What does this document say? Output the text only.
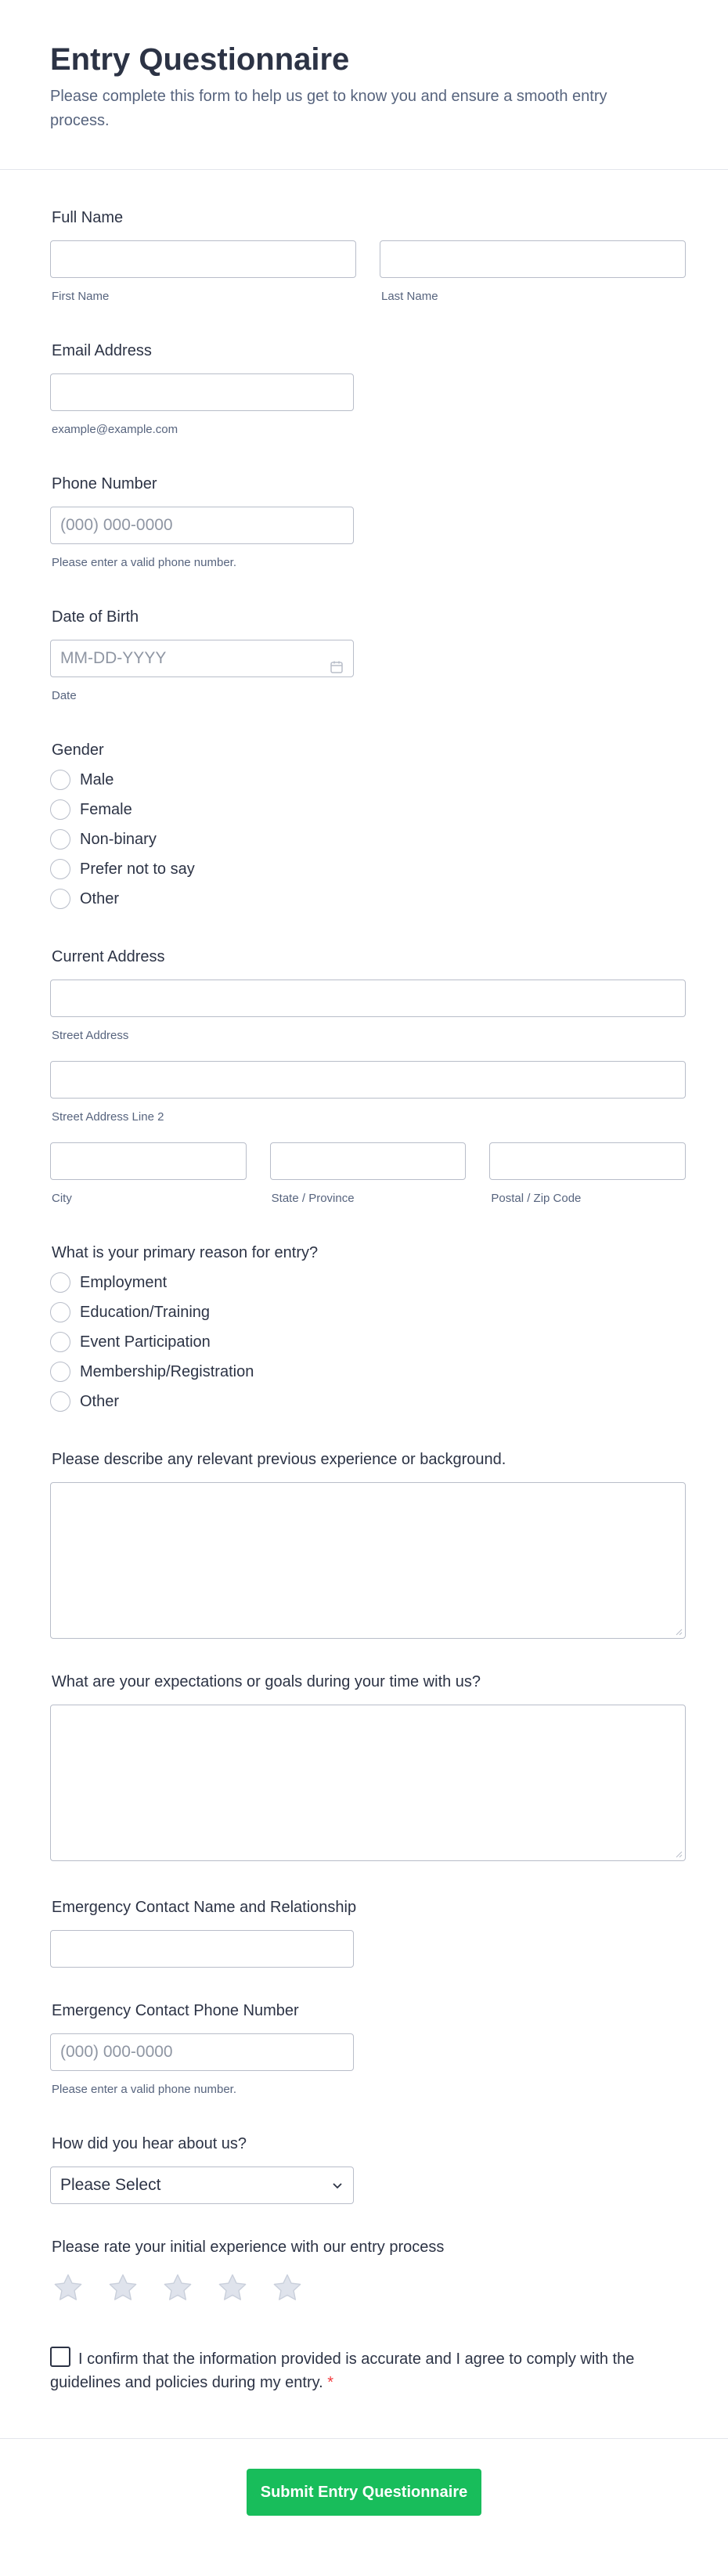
Entry Questionnaire

Please complete this form to help us get to know you and ensure a smooth entry process.

Full Name
First Name	Last Name
Email Address
example@example.com
Phone Number
(000) 000-0000
Please enter a valid phone number.
Date of Birth
MM-DD-YYYY
Date
Gender
Male
Female
Non-binary
Prefer not to say
Other
Current Address
Street Address
Street Address Line 2
City	State / Province	Postal / Zip Code
What is your primary reason for entry?
Employment
Education/Training
Event Participation
Membership/Registration
Other
Please describe any relevant previous experience or background.
What are your expectations or goals during your time with us?
Emergency Contact Name and Relationship
Emergency Contact Phone Number
(000) 000-0000
Please enter a valid phone number.
How did you hear about us?
Please Select
Please rate your initial experience with our entry process
I confirm that the information provided is accurate and I agree to comply with the guidelines and policies during my entry. *
Submit Entry Questionnaire
